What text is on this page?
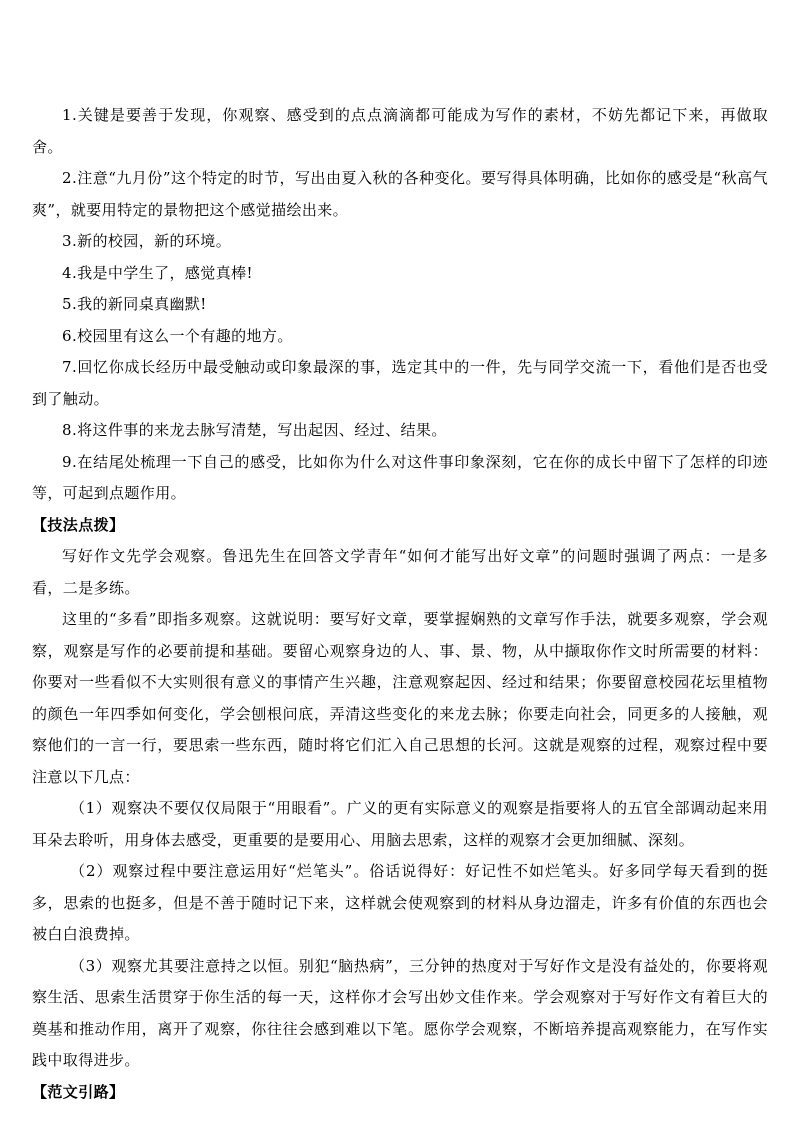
1.关键是要善于发现，你观察、感受到的点点滴滴都可能成为写作的素材，不妨先都记下来，再做取舍。

2.注意“九月份”这个特定的时节，写出由夏入秋的各种变化。要写得具体明确，比如你的感受是“秋高气爽”，就要用特定的景物把这个感觉描绘出来。

3.新的校园，新的环境。

4.我是中学生了，感觉真棒!

5.我的新同桌真幽默!

6.校园里有这么一个有趣的地方。

7.回忆你成长经历中最受触动或印象最深的事，选定其中的一件，先与同学交流一下，看他们是否也受到了触动。

8.将这件事的来龙去脉写清楚，写出起因、经过、结果。

9.在结尾处梳理一下自己的感受，比如你为什么对这件事印象深刻，它在你的成长中留下了怎样的印迹等，可起到点题作用。

【技法点拨】

写好作文先学会观察。鲁迅先生在回答文学青年“如何才能写出好文章”的问题时强调了两点：一是多看，二是多练。

这里的“多看”即指多观察。这就说明：要写好文章，要掌握娴熟的文章写作手法，就要多观察，学会观察，观察是写作的必要前提和基础。要留心观察身边的人、事、景、物，从中撷取你作文时所需要的材料：你要对一些看似不大实则很有意义的事情产生兴趣，注意观察起因、经过和结果；你要留意校园花坛里植物的颜色一年四季如何变化，学会刨根问底，弄清这些变化的来龙去脉；你要走向社会，同更多的人接触，观察他们的一言一行，要思索一些东西，随时将它们汇入自己思想的长河。这就是观察的过程，观察过程中要注意以下几点：

（1）观察决不要仅仅局限于“用眼看”。广义的更有实际意义的观察是指要将人的五官全部调动起来用耳朵去聆听，用身体去感受，更重要的是要用心、用脑去思索，这样的观察才会更加细腻、深刻。

（2）观察过程中要注意运用好“烂笔头”。俗话说得好：好记性不如烂笔头。好多同学每天看到的挺多，思索的也挺多，但是不善于随时记下来，这样就会使观察到的材料从身边溜走，许多有价值的东西也会被白白浪费掉。

（3）观察尤其要注意持之以恒。别犯“脑热病”，三分钟的热度对于写好作文是没有益处的，你要将观察生活、思索生活贯穿于你生活的每一天，这样你才会写出妙文佳作来。学会观察对于写好作文有着巨大的奠基和推动作用，离开了观察，你往往会感到难以下笔。愿你学会观察，不断培养提高观察能力，在写作实践中取得进步。

【范文引路】
